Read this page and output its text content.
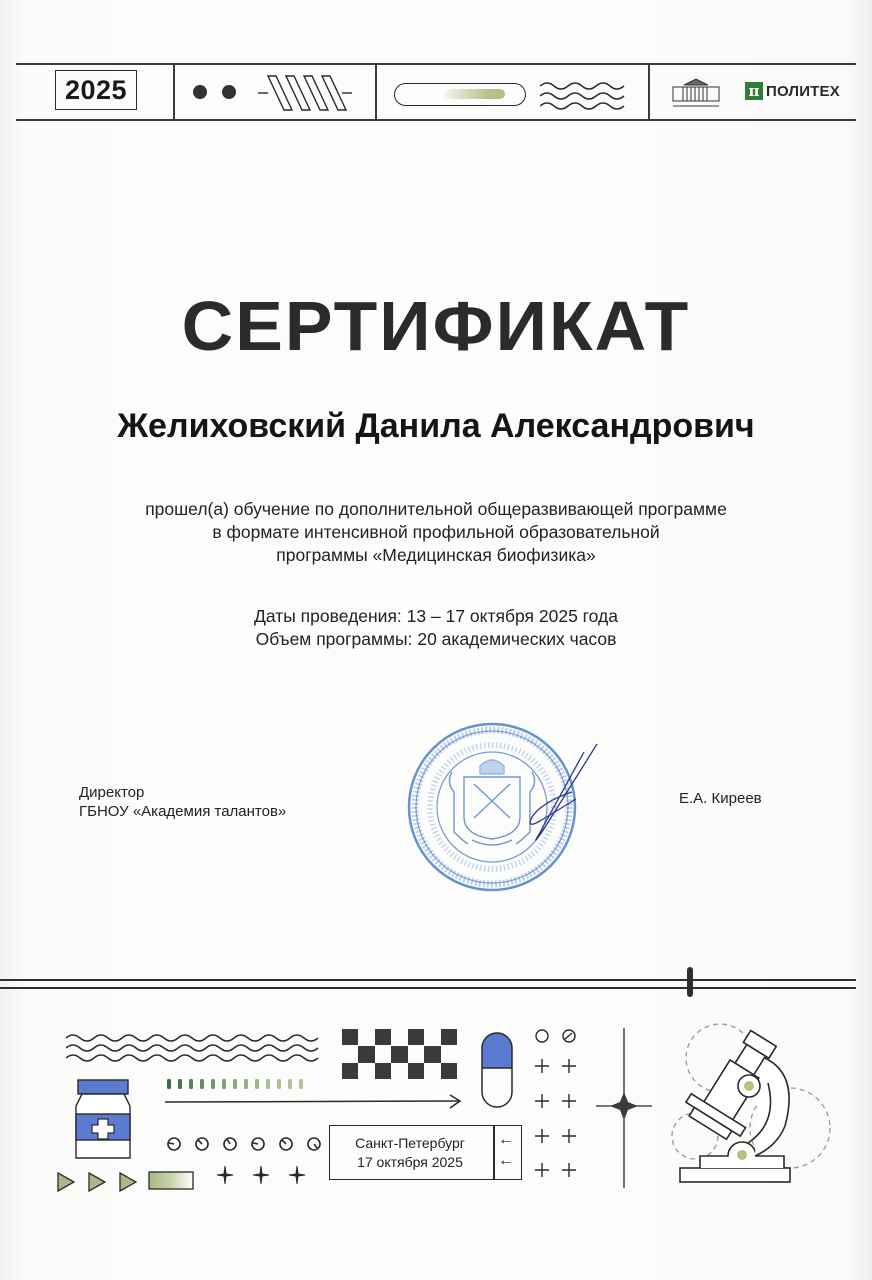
2025	π ПОЛИТЕХ
СЕРТИФИКАТ
Желиховский Данила Александрович
прошел(а) обучение по дополнительной общеразвивающей программе
в формате интенсивной профильной образовательной
программы «Медицинская биофизика»
Даты проведения: 13 – 17 октября 2025 года
Объем программы: 20 академических часов
Директор
ГБНОУ «Академия талантов»
Е.А. Киреев
Санкт-Петербург
17 октября 2025
←
←
